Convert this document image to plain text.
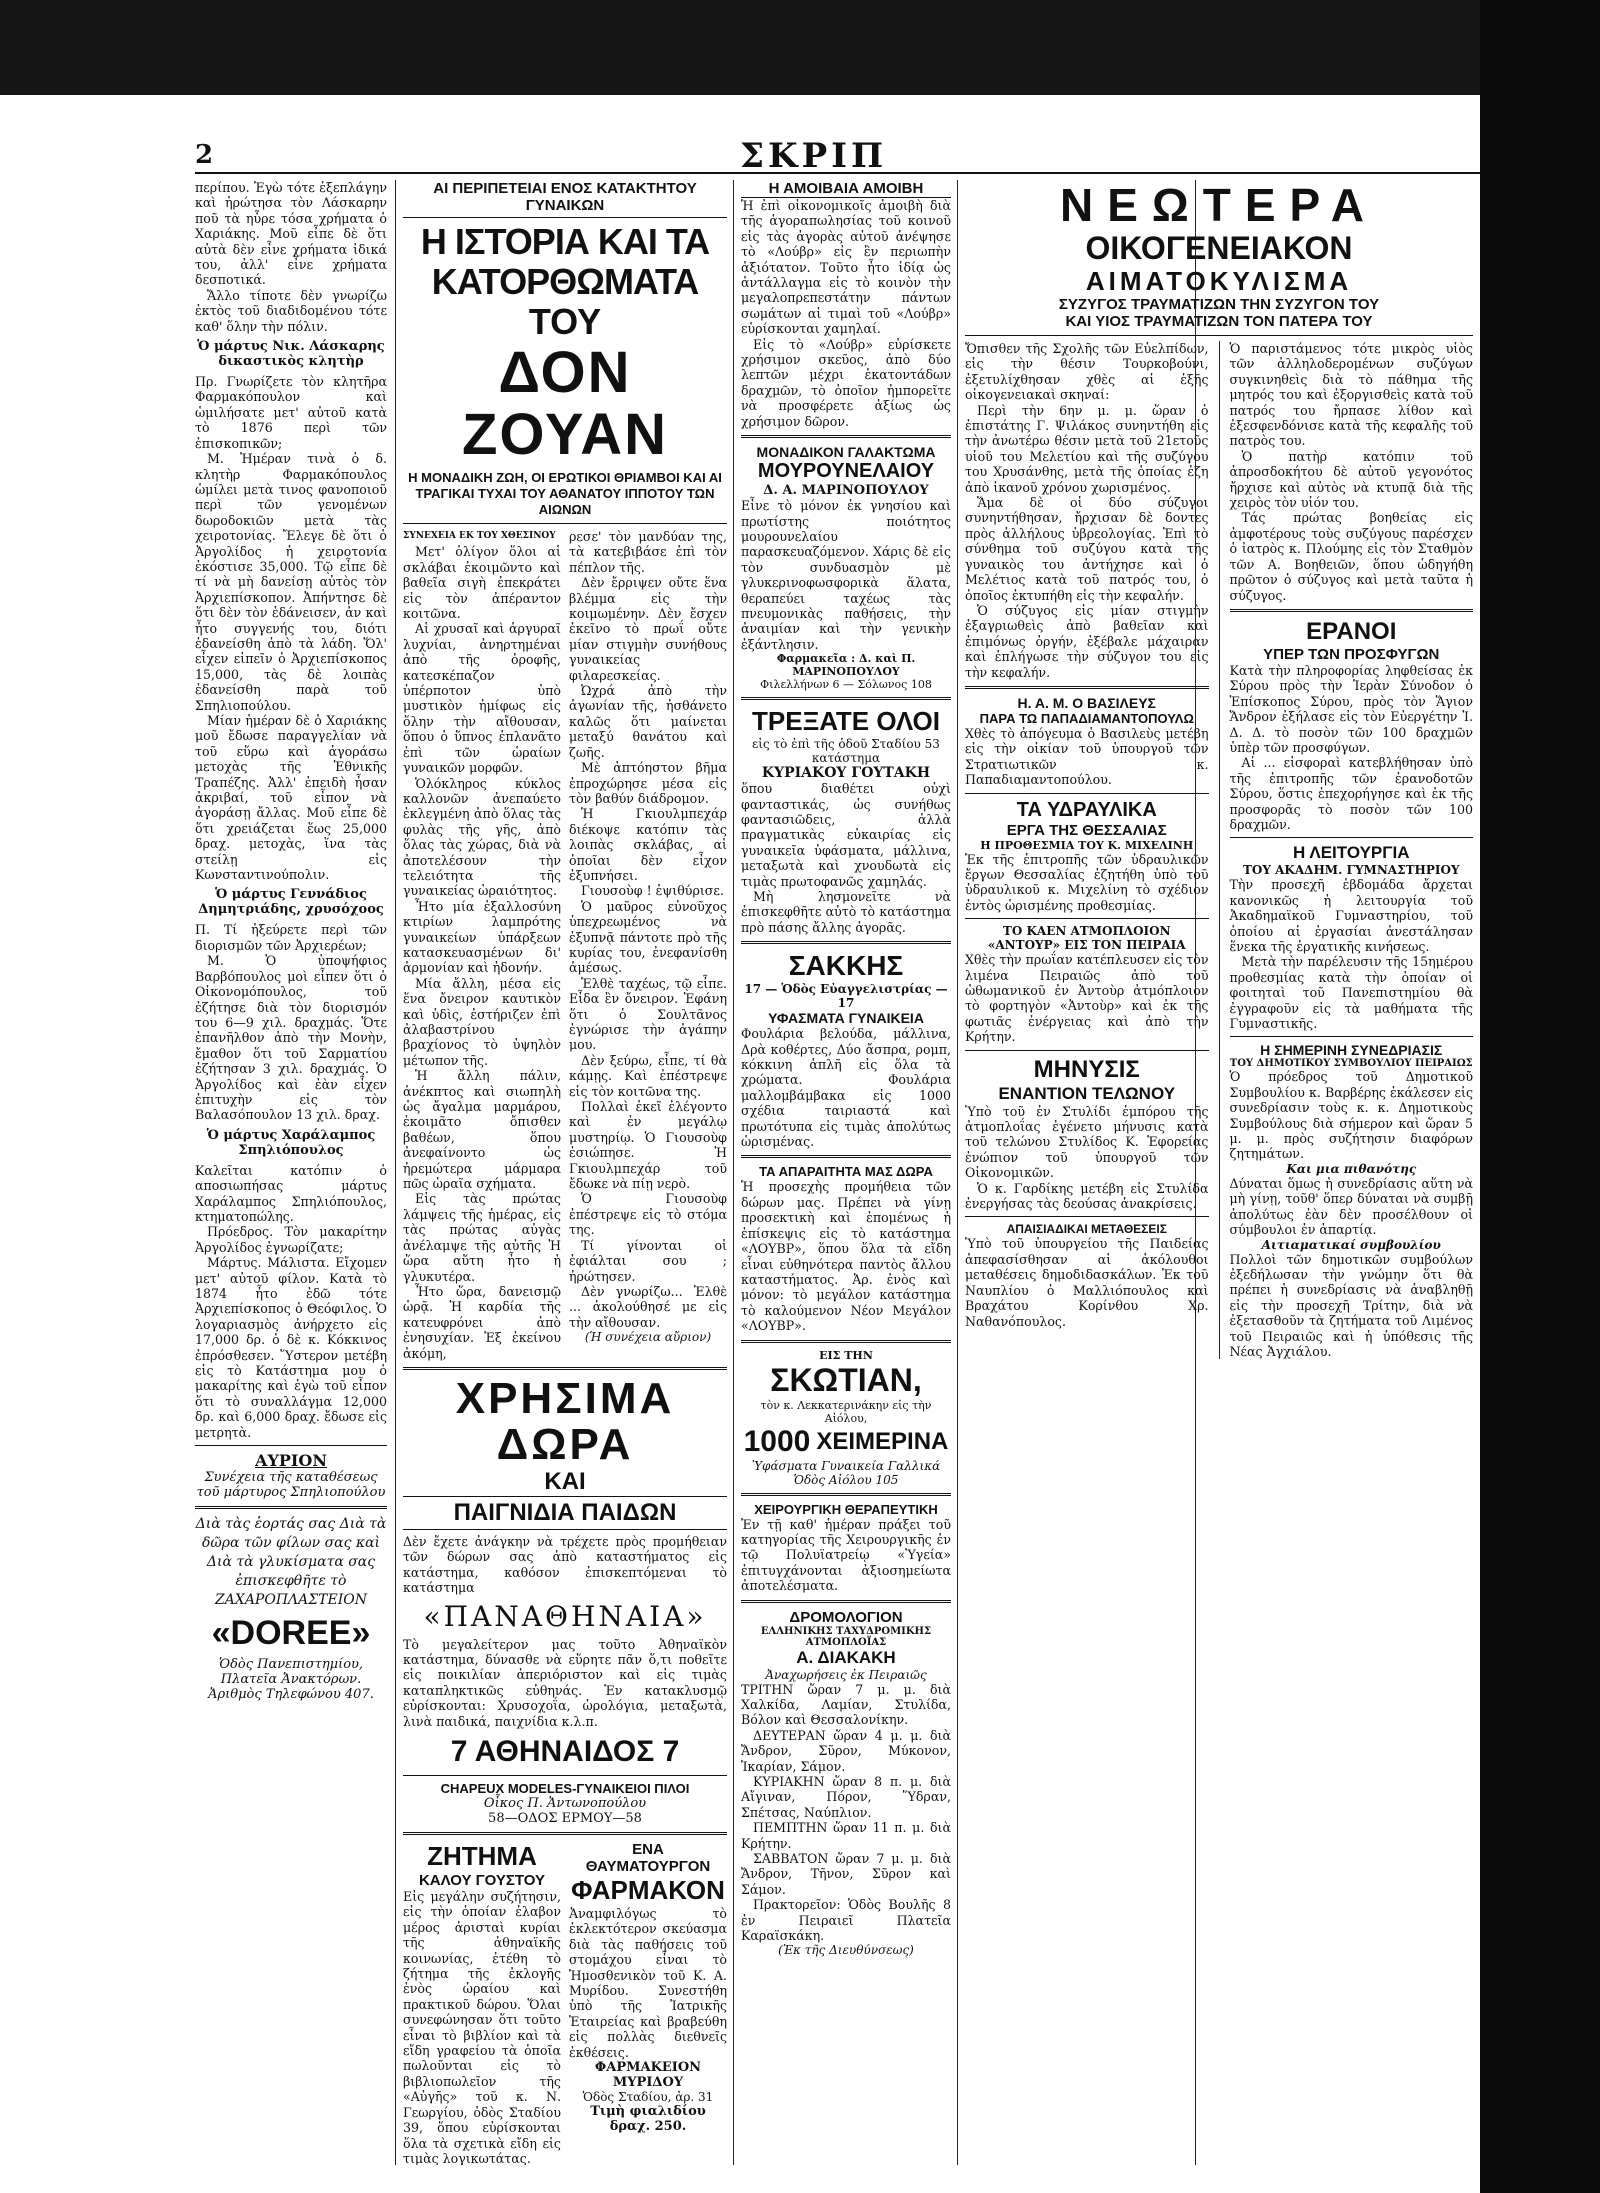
2	ΣΚΡΙΠ

περίπου. Ἐγὼ τότε ἐξεπλάγην καὶ ἠρώτησα τὸν Λάσκαρην ποῦ τὰ ηὗρε τόσα χρήματα ὁ Χαριάκης. Μοῦ εἶπε δὲ ὅτι αὐτὰ δὲν εἶνε χρήματα ἰδικά του, ἀλλ' εἶνε χρήματα δεσποτικά.

Ἄλλο τίποτε δὲν γνωρίζω ἐκτὸς τοῦ διαδιδομένου τότε καθ' ὅλην τὴν πόλιν.

Ὁ μάρτυς Νικ. Λάσκαρης δικαστικὸς κλητὴρ

Πρ. Γνωρίζετε τὸν κλητῆρα Φαρμακόπουλον καὶ ὡμιλήσατε μετ' αὐτοῦ κατὰ τὸ 1876 περὶ τῶν ἐπισκοπικῶν;

Μ. Ἡμέραν τινὰ ὁ δ. κλητὴρ Φαρμακόπουλος ὡμίλει μετὰ τινος φανοποιοῦ περὶ τῶν γενομένων δωροδοκιῶν μετὰ τὰς χειροτονίας. Ἔλεγε δὲ ὅτι ὁ Ἀργολίδος ἡ χειροτονία ἐκόστισε 35,000. Τῷ εἶπε δὲ τί νὰ μὴ δανείσῃ αὐτὸς τὸν Ἀρχιεπίσκοπον. Ἀπήντησε δὲ ὅτι δὲν τὸν ἐδάνεισεν, ἀν καὶ ἦτο συγγενής του, διότι ἐδανείσθη ἀπὸ τὰ λάδη. Ὅλ' εἶχεν εἰπεῖν ὁ Ἀρχιεπίσκοπος 15,000, τὰς δὲ λοιπὰς ἐδανείσθη παρὰ τοῦ Σπηλιοπούλου.

Μίαν ἡμέραν δὲ ὁ Χαριάκης μοῦ ἔδωσε παραγγελίαν νὰ τοῦ εὕρω καὶ ἀγοράσω μετοχὰς τῆς Ἐθνικῆς Τραπέζης. Ἀλλ' ἐπειδὴ ἦσαν ἀκριβαί, τοῦ εἶπον νὰ ἀγοράσῃ ἄλλας. Μοῦ εἶπε δὲ ὅτι χρειάζεται ἕως 25,000 δραχ. μετοχὰς, ἵνα τὰς στείλῃ εἰς Κωνσταντινούπολιν.

Ὁ μάρτυς Γεννάδιος Δημητριάδης, χρυσόχοος

Π. Τί ἠξεύρετε περὶ τῶν διορισμῶν τῶν Ἀρχιερέων;

Μ. Ὁ ὑποψήφιος Βαρβόπουλος μοὶ εἶπεν ὅτι ὁ Οἰκονομόπουλος, τοῦ ἐζήτησε διὰ τὸν διορισμόν του 6—9 χιλ. δραχμάς. Ὅτε ἐπανῆλθον ἀπὸ τὴν Μονὴν, ἔμαθον ὅτι τοῦ Σαρματίου ἐζήτησαν 3 χιλ. δραχμάς. Ὁ Ἀργολίδος καὶ ἐὰν εἶχεν ἐπιτυχὴν εἰς τὸν Βαλασόπουλον 13 χιλ. δραχ.

Ὁ μάρτυς Χαράλαμπος Σπηλιόπουλος

Καλεῖται κατόπιν ὁ αποσιωπήσας μάρτυς Χαράλαμπος Σπηλιόπουλος, κτηματοπώλης.

Πρόεδρος. Τὸν μακαρίτην Ἀργολίδος ἐγνωρίζατε;

Μάρτυς. Μάλιστα. Εἴχομεν μετ' αὐτοῦ φίλον. Κατὰ τὸ 1874 ἦτο ἐδῶ τότε Ἀρχιεπίσκοπος ὁ Θεόφιλος. Ὁ λογαριασμὸς ἀνήρχετο εἰς 17,000 δρ. ὁ δὲ κ. Κόκκινος ἐπρόσθεσεν. Ὕστερον μετέβη εἰς τὸ Κατάστημα μου ὁ μακαρίτης καὶ ἐγὼ τοῦ εἶπον ὅτι τὸ συναλλάγμα 12,000 δρ. καὶ 6,000 δραχ. ἔδωσε εἰς μετρητὰ.

ΑΥΡΙΟΝ

Συνέχεια τῆς καταθέσεως τοῦ μάρτυρος Σπηλιοπούλου

Διὰ τὰς ἑορτάς σας Διὰ τὰ δῶρα τῶν φίλων σας καὶ Διὰ τὰ γλυκίσματα σας ἐπισκεφθῆτε τὸ ΖΑΧΑΡΟΠΛΑΣΤΕΙΟΝ

«DOREE»

Ὁδὸς Πανεπιστημίου, Πλατεῖα Ἀνακτόρων.

Ἀριθμὸς Τηλεφώνου 407.

ΑΙ ΠΕΡΙΠΕΤΕΙΑΙ ΕΝΟΣ ΚΑΤΑΚΤΗΤΟΥ ΓΥΝΑΙΚΩΝ

Η ΙΣΤΟΡΙΑ ΚΑΙ ΤΑ ΚΑΤΟΡΘΩΜΑΤΑ

ΤΟΥ

ΔΟΝ ΖΟΥΑΝ

Η ΜΟΝΑΔΙΚΗ ΖΩΗ, ΟΙ ΕΡΩΤΙΚΟΙ ΘΡΙΑΜΒΟΙ ΚΑΙ ΑΙ ΤΡΑΓΙΚΑΙ ΤΥΧΑΙ ΤΟΥ ΑΘΑΝΑΤΟΥ ΙΠΠΟΤΟΥ ΤΩΝ ΑΙΩΝΩΝ

ΣΥΝΕΧΕΙΑ ΕΚ ΤΟΥ ΧΘΕΣΙΝΟΥ

Μετ' ὀλίγον ὅλοι αἱ σκλάβαι ἐκοιμῶντο καὶ βαθεῖα σιγὴ ἐπεκράτει εἰς τὸν ἀπέραντον κοιτῶνα.

Αἱ χρυσαῖ καὶ ἀργυραῖ λυχνίαι, ἀνηρτημέναι ἀπὸ τῆς ὀροφῆς, κατεσκέπαζον ὑπέρποτον ὑπὸ μυστικὸν ἡμίφως εἰς ὅλην τὴν αἴθουσαν, ὅπου ὁ ὕπνος ἐπλανᾶτο ἐπὶ τῶν ὡραίων γυναικῶν μορφῶν.

Ὁλόκληρος κύκλος καλλονῶν ἀνεπαύετο ἐκλεγμένη ἀπὸ ὅλας τὰς φυλὰς τῆς γῆς, ἀπὸ ὅλας τὰς χώρας, διὰ νὰ ἀποτελέσουν τὴν τελειότητα τῆς γυναικείας ὡραιότητος.

Ἦτο μία ἐξαλλοσύνη κτιρίων λαμπρότης γυναικείων ὑπάρξεων κατασκευασμένων δι' ἀρμονίαν καὶ ἡδονήν.

Μία ἄλλη, μέσα εἰς ἕνα ὄνειρον καυτικὸν καὶ ὑδὶς, ἐστήριζεν ἐπὶ ἀλαβαστρίνου βραχίονος τὸ ὑψηλὸν μέτωπον τῆς.

Ἡ ἄλλη πάλιν, ἀνέκπτος καὶ σιωπηλὴ ὡς ἄγαλμα μαρμάρου, ἐκοιμᾶτο ὄπισθεν βαθέων, ὅπου ἀνεφαίνοντο ὡς ἠρεμώτερα μάρμαρα πῶς ὡραῖα σχήματα.

Εἰς τὰς πρώτας λάμψεις τῆς ἡμέρας, εἰς τὰς πρώτας αὐγὰς ἀνέλαμψε τῆς αὐτῆς Ἡ ὥρα αὕτη ἦτο ἡ γλυκυτέρα.

Ἦτο ὥρα, δανεισμῷ ὡρᾷ. Ἡ καρδία τῆς κατευφρόνει ἀπὸ ἐνησυχίαν. Ἐξ ἐκείνου ἀκόμη,

ρεσε' τὸν μανδύαν της, τὰ κατεβιβάσε ἐπὶ τὸν πέπλον τῆς.

Δὲν ἔρριψεν οὔτε ἕνα βλέμμα εἰς τὴν κοιμωμένην. Δὲν ἔσχεν ἐκεῖνο τὸ πρωΐ οὔτε μίαν στιγμὴν συνήθους γυναικείας φιλαρεσκείας.

Ὠχρά ἀπὸ τὴν ἀγωνίαν τῆς, ἠσθάνετο καλῶς ὅτι μαίνεται μεταξύ θανάτου καὶ ζωῆς.

Μὲ ἀπτόηστον βῆμα ἐπροχώρησε μέσα εἰς τὸν βαθύν διάδρομον.

Ἡ Γκιουλμπεχάρ διέκοψε κατόπιν τὰς λοιπὰς σκλάβας, αἱ ὁποῖαι δὲν εἶχον ἐξυπνήσει.

Γιουσοὺφ ! ἐψιθύρισε.

Ὁ μαῦρος εὐνοῦχος ὑπεχρεωμένος νὰ ἐξυπνᾷ πάντοτε πρὸ τῆς κυρίας του, ἐνεφανίσθη ἀμέσως.

Ἐλθὲ ταχέως, τῷ εἶπε. Εἶδα ἓν ὄνειρον. Ἐφάνη ὅτι ὁ Σουλτᾶνος ἐγνώρισε τὴν ἀγάπην μου.

Δὲν ξεύρω, εἶπε, τί θὰ κάμῃς. Καὶ ἐπέστρεψε εἰς τὸν κοιτῶνα της.

Πολλαὶ ἐκεῖ ἐλέγοντο καὶ ἐν μεγάλῳ μυστηρίῳ. Ὁ Γιουσοὺφ ἐσιώπησε. Ἡ Γκιουλμπεχάρ τοῦ ἔδωκε νὰ πίῃ νερὸ.

Ὁ Γιουσοὺφ ἐπέστρεψε εἰς τὸ στόμα της.

Τί γίνονται οἱ ἐφιάλται σου ; ἠρώτησεν.

Δὲν γνωρίζω... Ἐλθὲ ... ἀκολούθησέ με εἰς τὴν αἴθουσαν.

(Ἡ συνέχεια αὔριον)

ΧΡΗΣΙΜΑ ΔΩΡΑ

ΚΑΙ

ΠΑΙΓΝΙΔΙΑ ΠΑΙΔΩΝ

Δὲν ἔχετε ἀνάγκην νὰ τρέχετε πρὸς προμήθειαν τῶν δώρων σας ἀπὸ καταστήματος εἰς κατάστημα, καθόσον ἐπισκεπτόμεναι τὸ κατάστημα

«ΠΑΝΑΘΗΝΑΙΑ»

Τὸ μεγαλείτερον μας τοῦτο Ἀθηναϊκὸν κατάστημα, δύνασθε νὰ εὕρητε πᾶν ὅ,τι ποθεῖτε εἰς ποικιλίαν ἀπεριόριστον καὶ εἰς τιμὰς καταπληκτικῶς εὐθηνάς. Ἐν κατακλυσμῷ εὐρίσκονται: Χρυσοχοΐα, ὡρολόγια, μεταξωτὰ, λινὰ παιδικά, παιχνίδια κ.λ.π.

7 ΑΘΗΝΑΙΔΟΣ 7

CHAPEUX MODELES-ΓΥΝΑΙΚΕΙΟΙ ΠΙΛΟΙ

Οἶκος Π. Ἀντωνοπούλου

58—ΟΔΟΣ ΕΡΜΟΥ—58

ΖΗΤΗΜΑ

ΚΑΛΟΥ ΓΟΥΣΤΟΥ

Εἰς μεγάλην συζήτησιν, εἰς τὴν ὁποίαν ἐλαβον μέρος ἀρισταὶ κυρίαι τῆς ἀθηναϊκῆς κοινωνίας, ἐτέθη τὸ ζήτημα τῆς ἐκλογῆς ἑνὸς ὡραίου καὶ πρακτικοῦ δώρου. Ὅλαι συνεφώνησαν ὅτι τοῦτο εἶναι τὸ βιβλίον καὶ τὰ εἴδη γραφείου τὰ ὁποῖα πωλοῦνται εἰς τὸ βιβλιοπωλεῖον τῆς «Αὐγῆς» τοῦ κ. Ν. Γεωργίου, ὁδὸς Σταδίου 39, ὅπου εὑρίσκονται ὅλα τὰ σχετικὰ εἴδη εἰς τιμὰς λογικωτάτας.

ΕΝΑ ΘΑΥΜΑΤΟΥΡΓΟΝ

ΦΑΡΜΑΚΟΝ

Ἀναμφιλόγως τὸ ἐκλεκτότερον σκεύασμα διὰ τὰς παθήσεις τοῦ στομάχου εἶναι τὸ Ἠμοσθενικὸν τοῦ Κ. Α. Μυρίδου. Συνεστήθη ὑπὸ τῆς Ἰατρικῆς Ἑταιρείας καὶ βραβεύθη εἰς πολλὰς διεθνεῖς ἐκθέσεις.

ΦΑΡΜΑΚΕΙΟΝ ΜΥΡΙΔΟΥ

Ὁδὸς Σταδίου, ἀρ. 31

Τιμὴ φιαλιδίου δραχ. 250.

Η ΑΜΟΙΒΑΙΑ ΑΜΟΙΒΗ

Ἡ ἐπὶ οἰκονομικοῖς ἀμοιβὴ διὰ τῆς ἀγοραπωλησίας τοῦ κοινοῦ εἰς τὰς ἀγορὰς αὐτοῦ ἀνέψησε τὸ «Λούβρ» εἰς ἓν περιωπὴν ἀξιότατον. Τοῦτο ἦτο ἰδίᾳ ὡς ἀντάλλαγμα εἰς τὸ κοινὸν τὴν μεγαλοπρεπεστάτην πάντων σωμάτων αἱ τιμαὶ τοῦ «Λούβρ» εὑρίσκονται χαμηλαί.

Εἰς τὸ «Λούβρ» εὑρίσκετε χρήσιμον σκεῦος, ἀπὸ δύο λεπτῶν μέχρι ἑκατοντάδων δραχμῶν, τὸ ὁποῖον ἠμπορεῖτε νὰ προσφέρετε ἀξίως ὡς χρήσιμον δῶρον.

ΜΟΝΑΔΙΚΟΝ ΓΑΛΑΚΤΩΜΑ

ΜΟΥΡΟΥΝΕΛΑΙΟΥ

Δ. Α. ΜΑΡΙΝΟΠΟΥΛΟΥ

Εἶνε τὸ μόνον ἐκ γνησίου καὶ πρωτίστης ποιότητος μουρουνελαίου παρασκευαζόμενον. Χάρις δὲ εἰς τὸν συνδυασμὸν μὲ γλυκερινοφωσφορικὰ ἅλατα, θεραπεύει ταχέως τὰς πνευμονικὰς παθήσεις, τὴν ἀναιμίαν καὶ τὴν γενικὴν ἐξάντλησιν.

Φαρμακεῖα : Δ. καὶ Π. ΜΑΡΙΝΟΠΟΥΛΟΥ

Φιλελλήνων 6 — Σόλωνος 108

ΤΡΕΞΑΤΕ ΟΛΟΙ

εἰς τὸ ἐπὶ τῆς ὁδοῦ Σταδίου 53 κατάστημα

ΚΥΡΙΑΚΟΥ ΓΟΥΤΑΚΗ

ὅπου διαθέτει οὐχὶ φανταστικάς, ὡς συνήθως φαντασιῶδεις, ἀλλὰ πραγματικὰς εὐκαιρίας εἰς γυναικεῖα ὑφάσματα, μάλλινα, μεταξωτὰ καὶ χνουδωτὰ εἰς τιμὰς πρωτοφανῶς χαμηλάς.

Μὴ λησμονεῖτε νὰ ἐπισκεφθῆτε αὐτὸ τὸ κατάστημα πρὸ πάσης ἄλλης ἀγορᾶς.

ΣΑΚΚΗΣ

17 — Ὁδὸς Εὐαγγελιστρίας — 17

ΥΦΑΣΜΑΤΑ ΓΥΝΑΙΚΕΙΑ

Φουλάρια βελούδα, μάλλινα, Δρὰ κοθέρτες, Δύο ἄσπρα, ρομπ, κόκκινη ἁπλῆ εἰς ὅλα τὰ χρώματα. Φουλάρια μαλλομβάμβακα εἰς 1000 σχέδια ταιριαστά καὶ πρωτότυπα εἰς τιμὰς ἀπολύτως ὡρισμένας.

ΤΑ ΑΠΑΡΑΙΤΗΤΑ ΜΑΣ ΔΩΡΑ

Ἡ προσεχὴς προμήθεια τῶν δώρων μας. Πρέπει νὰ γίνῃ προσεκτικὴ καὶ ἑπομένως ἡ ἐπίσκεψις εἰς τὸ κατάστημα «ΛΟΥΒΡ», ὅπου ὅλα τὰ εἴδη εἶναι εὐθηνότερα παντὸς ἄλλου καταστήματος. Ἀρ. ἐνὸς καὶ μόνον: τὸ μεγάλον κατάστημα τὸ καλούμενον Νέον Μεγάλον «ΛΟΥΒΡ».

ΕΙΣ ΤΗΝ

ΣΚΩΤΙΑΝ,

τὸν κ. Λεκκατερινάκην εἰς τὴν Αἰόλου,

1000 ΧΕΙΜΕΡΙΝΑ

Ὑφάσματα Γυναικεία Γαλλικά

Ὁδὸς Αἰόλου 105

ΧΕΙΡΟΥΡΓΙΚΗ ΘΕΡΑΠΕΥΤΙΚΗ

Ἐν τῇ καθ' ἡμέραν πράξει τοῦ κατηγορίας τῆς Χειρουργικῆς ἐν τῷ Πολυϊατρείῳ «Ὑγεία» ἐπιτυγχάνονται ἀξιοσημείωτα ἀποτελέσματα.

ΔΡΟΜΟΛΟΓΙΟΝ

ΕΛΛΗΝΙΚΗΣ ΤΑΧΥΔΡΟΜΙΚΗΣ ΑΤΜΟΠΛΟΪΑΣ

Α. ΔΙΑΚΑΚΗ

Ἀναχωρήσεις ἐκ Πειραιῶς

ΤΡΙΤΗΝ ὥραν 7 μ. μ. διὰ Χαλκίδα, Λαμίαν, Στυλίδα, Βόλον καὶ Θεσσαλονίκην.

ΔΕΥΤΕΡΑΝ ὥραν 4 μ. μ. διὰ Ἄνδρον, Σῦρον, Μύκονον, Ἰκαρίαν, Σάμον.

ΚΥΡΙΑΚΗΝ ὥραν 8 π. μ. διὰ Αἴγιναν, Πόρον, Ὕδραν, Σπέτσας, Ναύπλιον.

ΠΕΜΠΤΗΝ ὥραν 11 π. μ. διὰ Κρήτην.

ΣΑΒΒΑΤΟΝ ὥραν 7 μ. μ. διὰ Ἄνδρον, Τῆνον, Σῦρον καὶ Σάμον.

Πρακτορεῖον: Ὁδὸς Βουλῆς 8 ἐν Πειραιεῖ Πλατεῖα Καραϊσκάκη.

(Ἐκ τῆς Διευθύνσεως)

ΝΕΩΤΕΡΑ

ΟΙΚΟΓΕΝΕΙΑΚΟΝ

ΑΙΜΑΤΟΚΥΛΙΣΜΑ

ΣΥΖΥΓΟΣ ΤΡΑΥΜΑΤΙΖΩΝ ΤΗΝ ΣΥΖΥΓΟΝ ΤΟΥ

ΚΑΙ ΥΙΟΣ ΤΡΑΥΜΑΤΙΖΩΝ ΤΟΝ ΠΑΤΕΡΑ ΤΟΥ

Ὄπισθεν τῆς Σχολῆς τῶν Εὐελπίδων, εἰς τὴν θέσιν Τουρκοβούνι, ἐξετυλίχθησαν χθὲς αἱ ἑξῆς οἰκογενειακαὶ σκηναί:

Περὶ τὴν 6ην μ. μ. ὥραν ὁ ἐπιστάτης Γ. Ψιλάκος συνηντήθη εἰς τὴν ἀνωτέρω θέσιν μετὰ τοῦ 21ετοῦς υἱοῦ του Μελετίου καὶ τῆς συζύγου του Χρυσάνθης, μετὰ τῆς ὁποίας ἐζη ἀπὸ ἱκανοῦ χρόνου χωρισμένος.

Ἅμα δὲ οἱ δύο σύζυγοι συνηντήθησαν, ἤρχισαν δὲ δοντες πρὸς ἀλλήλους ὑβρεολογίας. Ἐπὶ τὸ σύνθημα τοῦ συζύγου κατὰ τῆς γυναικὸς του ἀντήχησε καὶ ὁ Μελέτιος κατὰ τοῦ πατρός του, ὁ ὁποῖος ἐκτυπήθη εἰς τὴν κεφαλήν.

Ὁ σύζυγος εἰς μίαν στιγμὴν ἐξαγριωθεὶς ἀπὸ βαθεῖαν καὶ ἐπιμόνως ὀργήν, ἐξέβαλε μάχαιραν καὶ ἐπλήγωσε τὴν σύζυγον του εἰς τὴν κεφαλήν.

Η. Α. Μ. Ο ΒΑΣΙΛΕΥΣ

ΠΑΡΑ ΤΩ ΠΑΠΑΔΙΑΜΑΝΤΟΠΟΥΛΩ

Χθὲς τὸ ἀπόγευμα ὁ Βασιλεὺς μετέβη εἰς τὴν οἰκίαν τοῦ ὑπουργοῦ τῶν Στρατιωτικῶν κ. Παπαδιαμαντοπούλου.

ΤΑ ΥΔΡΑΥΛΙΚΑ

ΕΡΓΑ ΤΗΣ ΘΕΣΣΑΛΙΑΣ

Η ΠΡΟΘΕΣΜΙΑ ΤΟΥ Κ. ΜΙΧΕΛΙΝΗ

Ἐκ τῆς ἐπιτροπῆς τῶν ὑδραυλικῶν ἔργων Θεσσαλίας ἐζητήθη ὑπὸ τοῦ ὑδραυλικοῦ κ. Μιχελίνη τὸ σχέδιον ἐντὸς ὡρισμένης προθεσμίας.

ΤΟ ΚΑΕΝ ΑΤΜΟΠΛΟΙΟΝ

«ΑΝΤΟΥΡ» ΕΙΣ ΤΟΝ ΠΕΙΡΑΙΑ

Χθὲς τὴν πρωΐαν κατέπλευσεν εἰς τὸν λιμένα Πειραιῶς ἀπὸ τοῦ ὡθωμανικοῦ ἐν Ἀντοὺρ ἀτμόπλοιον τὸ φορτηγὸν «Ἀντοὺρ» καὶ ἐκ τῆς φωτιᾶς ἐνέργειας καὶ ἀπὸ τὴν Κρήτην.

ΜΗΝΥΣΙΣ

ΕΝΑΝΤΙΟΝ ΤΕΛΩΝΟΥ

Ὑπὸ τοῦ ἐν Στυλίδι ἐμπόρου τῆς ἀτμοπλοΐας ἐγένετο μήνυσις κατὰ τοῦ τελώνου Στυλίδος Κ. Ἑφορείας ἐνώπιον τοῦ ὑπουργοῦ τῶν Οἰκονομικῶν.

Ὁ κ. Γαρδίκης μετέβη εἰς Στυλίδα ἐνεργήσας τὰς δεούσας ἀνακρίσεις.

ΑΠΑΙΣΙΑΔΙΚΑΙ ΜΕΤΑΘΕΣΕΙΣ

Ὑπὸ τοῦ ὑπουργείου τῆς Παιδείας ἀπεφασίσθησαν αἱ ἀκόλουθοι μεταθέσεις δημοδιδασκάλων. Ἐκ τοῦ Ναυπλίου ὁ Μαλλιόπουλος καὶ Βραχάτου Κορίνθου Χρ. Ναθανόπουλος.

Ὁ παριστάμενος τότε μικρὸς υἱὸς τῶν ἀλληλοδερομένων συζύγων συγκινηθεὶς διὰ τὸ πάθημα τῆς μητρός του καὶ ἐξοργισθεὶς κατὰ τοῦ πατρός του ἤρπασε λίθον καὶ ἐξεσφενδόνισε κατὰ τῆς κεφαλῆς τοῦ πατρὸς του.

Ὁ πατὴρ κατόπιν τοῦ ἀπροσδοκήτου δὲ αὐτοῦ γεγονότος ἤρχισε καὶ αὐτὸς νὰ κτυπᾷ διὰ τῆς χειρὸς τὸν υἱόν του.

Τάς πρώτας βοηθείας εἰς ἀμφοτέρους τοὺς συζύγους παρέσχεν ὁ ἰατρὸς κ. Πλούμης εἰς τὸν Σταθμὸν τῶν Α. Βοηθειῶν, ὅπου ὡδηγήθη πρῶτον ὁ σύζυγος καὶ μετὰ ταῦτα ἡ σύζυγος.

ΕΡΑΝΟΙ

ΥΠΕΡ ΤΩΝ ΠΡΟΣΦΥΓΩΝ

Κατὰ τὴν πληροφορίας ληφθείσας ἐκ Σύρου πρὸς τὴν Ἱερὰν Σύνοδον ὁ Ἐπίσκοπος Σύρου, πρὸς τὸν Ἅγιον Ἄνδρον ἐξήλασε εἰς τὸν Εὐεργέτην Ἰ. Δ. Δ. τὸ ποσὸν τῶν 100 δραχμῶν ὑπὲρ τῶν προσφύγων.

Αἱ ... εἰσφοραὶ κατεβλήθησαν ὑπὸ τῆς ἐπιτροπῆς τῶν ἐρανοδοτῶν Σύρου, ὅστις ἐπεχορήγησε καὶ ἐκ τῆς προσφορᾶς τὸ ποσὸν τῶν 100 δραχμῶν.

Η ΛΕΙΤΟΥΡΓΙΑ

ΤΟΥ ΑΚΑΔΗΜ. ΓΥΜΝΑΣΤΗΡΙΟΥ

Τὴν προσεχῆ ἑβδομάδα ἄρχεται κανονικῶς ἡ λειτουργία τοῦ Ἀκαδημαϊκοῦ Γυμναστηρίου, τοῦ ὁποίου αἱ ἐργασίαι ἀνεστάλησαν ἕνεκα τῆς ἐργατικῆς κινήσεως.

Μετὰ τὴν παρέλευσιν τῆς 15ημέρου προθεσμίας κατὰ τὴν ὁποίαν οἱ φοιτηταὶ τοῦ Πανεπιστημίου θὰ ἐγγραφοῦν εἰς τὰ μαθήματα τῆς Γυμναστικῆς.

Η ΣΗΜΕΡΙΝΗ ΣΥΝΕΔΡΙΑΣΙΣ

ΤΟΥ ΔΗΜΟΤΙΚΟΥ ΣΥΜΒΟΥΛΙΟΥ ΠΕΙΡΑΙΩΣ

Ὁ πρόεδρος τοῦ Δημοτικοῦ Συμβουλίου κ. Βαρβέρης ἐκάλεσεν εἰς συνεδρίασιν τοὺς κ. κ. Δημοτικοὺς Συμβούλους διὰ σήμερον καὶ ὥραν 5 μ. μ. πρὸς συζήτησιν διαφόρων ζητημάτων.

Και μια πιθανότης

Δύναται ὅμως ἡ συνεδρίασις αὕτη νὰ μὴ γίνῃ, τοῦθ' ὅπερ δύναται νὰ συμβῇ ἀπολύτως ἐὰν δὲν προσέλθουν οἱ σύμβουλοι ἐν ἀπαρτίᾳ.

Αιτιαματικαί συμβουλίου

Πολλοὶ τῶν δημοτικῶν συμβούλων ἐξεδήλωσαν τὴν γνώμην ὅτι θὰ πρέπει ἡ συνεδρίασις νὰ ἀναβληθῇ εἰς τὴν προσεχῆ Τρίτην, διὰ νὰ ἐξετασθοῦν τὰ ζητήματα τοῦ Λιμένος τοῦ Πειραιῶς καὶ ἡ ὑπόθεσις τῆς Νέας Ἀγχιάλου.
